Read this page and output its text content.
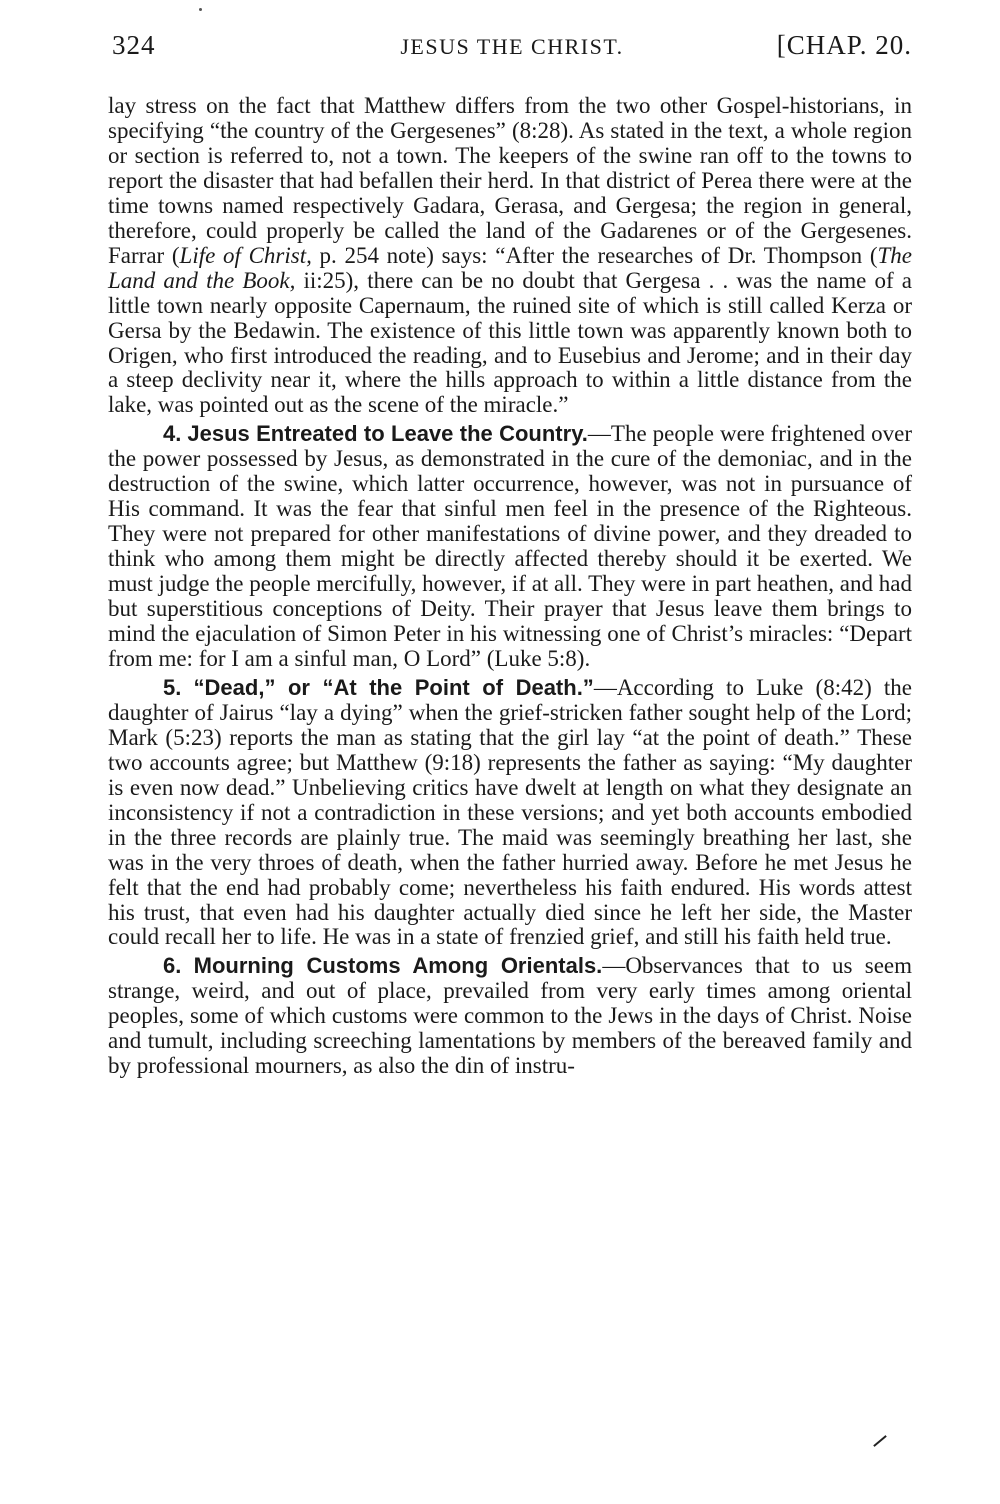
324	JESUS THE CHRIST.	[CHAP. 20.

lay stress on the fact that Matthew differs from the two other Gospel-historians, in specifying “the country of the Gergesenes” (8:28). As stated in the text, a whole region or section is referred to, not a town. The keepers of the swine ran off to the towns to report the disaster that had befallen their herd. In that district of Perea there were at the time towns named respectively Gadara, Gerasa, and Gergesa; the region in general, therefore, could properly be called the land of the Gadarenes or of the Gergesenes. Farrar (Life of Christ, p. 254 note) says: “After the researches of Dr. Thompson (The Land and the Book, ii:25), there can be no doubt that Gergesa . . was the name of a little town nearly opposite Capernaum, the ruined site of which is still called Kerza or Gersa by the Bedawin. The existence of this little town was apparently known both to Origen, who first introduced the reading, and to Eusebius and Jerome; and in their day a steep declivity near it, where the hills approach to within a little distance from the lake, was pointed out as the scene of the miracle.”

4. Jesus Entreated to Leave the Country.—The people were frightened over the power possessed by Jesus, as demonstrated in the cure of the demoniac, and in the destruction of the swine, which latter occurrence, however, was not in pursuance of His command. It was the fear that sinful men feel in the presence of the Righteous. They were not prepared for other manifestations of divine power, and they dreaded to think who among them might be directly affected thereby should it be exerted. We must judge the people mercifully, however, if at all. They were in part heathen, and had but superstitious conceptions of Deity. Their prayer that Jesus leave them brings to mind the ejaculation of Simon Peter in his witnessing one of Christ’s miracles: “Depart from me: for I am a sinful man, O Lord” (Luke 5:8).

5. “Dead,” or “At the Point of Death.”—According to Luke (8:42) the daughter of Jairus “lay a dying” when the grief-stricken father sought help of the Lord; Mark (5:23) reports the man as stating that the girl lay “at the point of death.” These two accounts agree; but Matthew (9:18) represents the father as saying: “My daughter is even now dead.” Unbelieving critics have dwelt at length on what they designate an inconsistency if not a contradiction in these versions; and yet both accounts embodied in the three records are plainly true. The maid was seemingly breathing her last, she was in the very throes of death, when the father hurried away. Before he met Jesus he felt that the end had probably come; nevertheless his faith endured. His words attest his trust, that even had his daughter actually died since he left her side, the Master could recall her to life. He was in a state of frenzied grief, and still his faith held true.

6. Mourning Customs Among Orientals.—Observances that to us seem strange, weird, and out of place, prevailed from very early times among oriental peoples, some of which customs were common to the Jews in the days of Christ. Noise and tumult, including screeching lamentations by members of the bereaved family and by professional mourners, as also the din of instru-
